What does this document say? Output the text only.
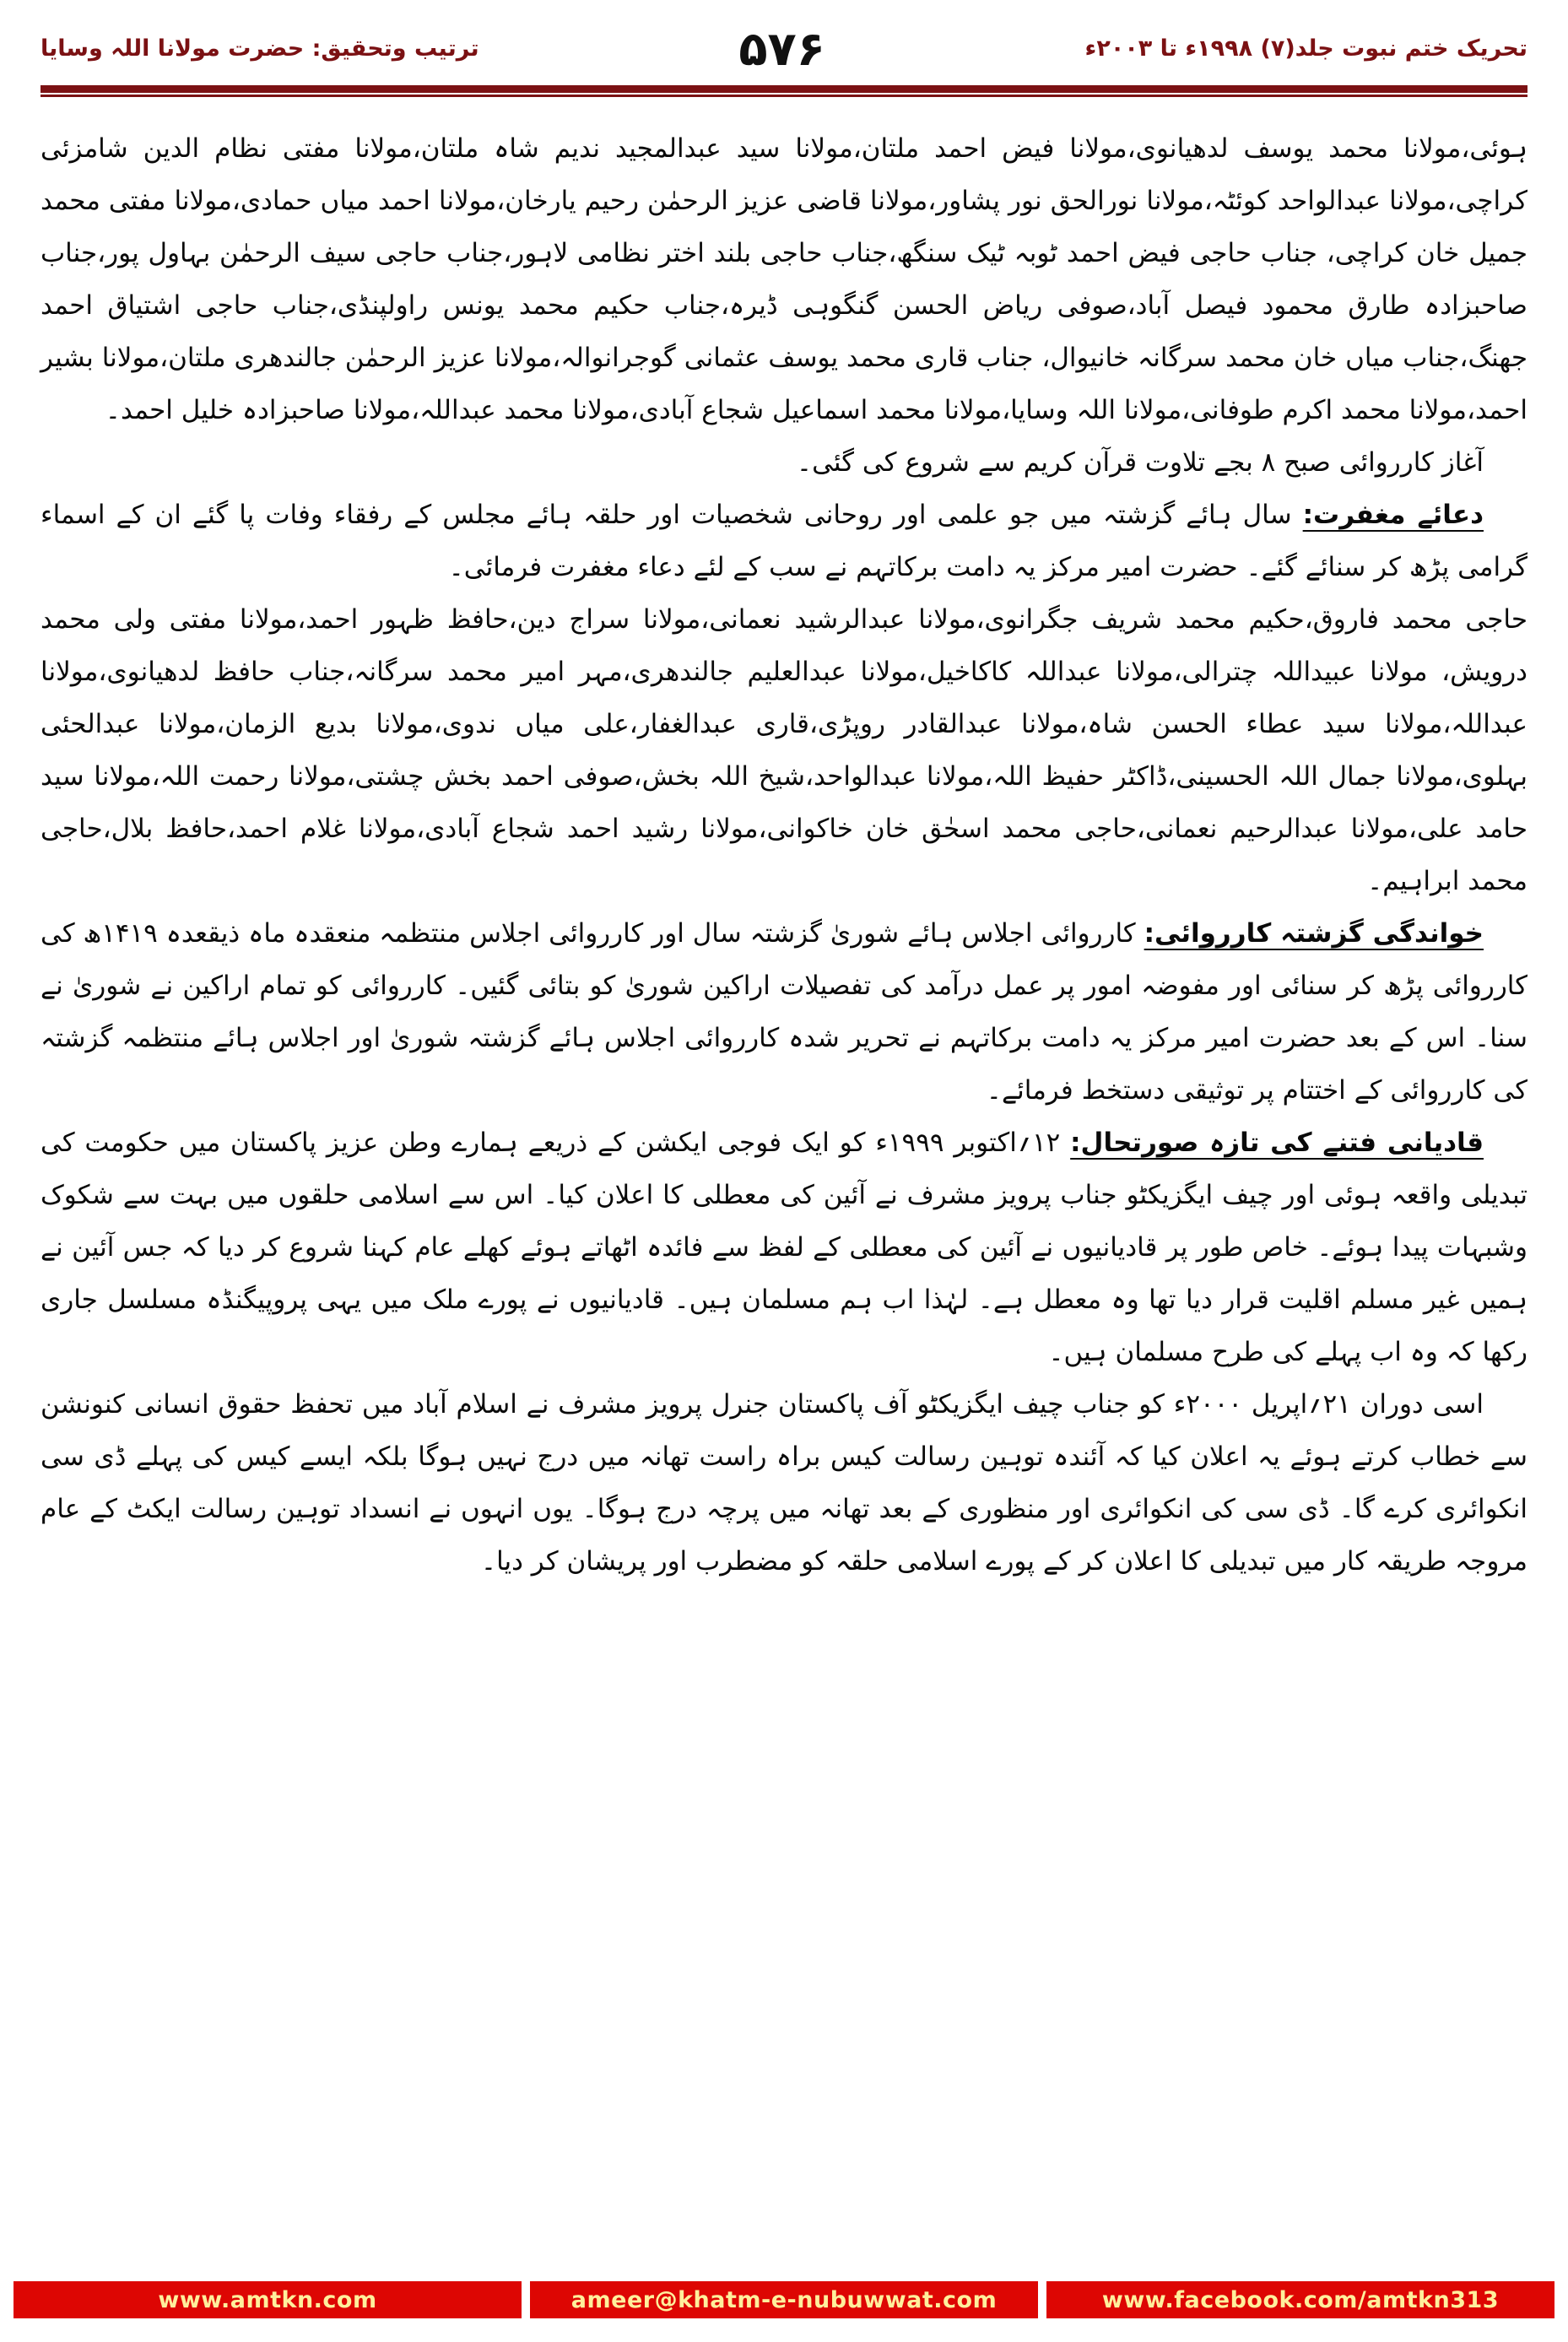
تحریک ختم نبوت جلد(۷) ۱۹۹۸ء تا ۲۰۰۳ء
۵۷۶
ترتیب وتحقیق: حضرت مولانا اللہ وسایا

ہوئی،مولانا محمد یوسف لدھیانوی،مولانا فیض احمد ملتان،مولانا سید عبدالمجید ندیم شاہ ملتان،مولانا مفتی نظام الدین شامزئی کراچی،مولانا عبدالواحد کوئٹہ،مولانا نورالحق نور پشاور،مولانا قاضی عزیز الرحمٰن رحیم یارخان،مولانا احمد میاں حمادی،مولانا مفتی محمد جمیل خان کراچی، جناب حاجی فیض احمد ٹوبہ ٹیک سنگھ،جناب حاجی بلند اختر نظامی لاہور،جناب حاجی سیف الرحمٰن بہاول پور،جناب صاحبزادہ طارق محمود فیصل آباد،صوفی ریاض الحسن گنگوہی ڈیرہ،جناب حکیم محمد یونس راولپنڈی،جناب حاجی اشتیاق احمد جھنگ،جناب میاں خان محمد سرگانہ خانیوال، جناب قاری محمد یوسف عثمانی گوجرانوالہ،مولانا عزیز الرحمٰن جالندھری ملتان،مولانا بشیر احمد،مولانا محمد اکرم طوفانی،مولانا اللہ وسایا،مولانا محمد اسماعیل شجاع آبادی،مولانا محمد عبداللہ،مولانا صاحبزادہ خلیل احمد۔

آغاز کارروائی صبح ۸ بجے تلاوت قرآن کریم سے شروع کی گئی۔

دعائے مغفرت: سال ہائے گزشتہ میں جو علمی اور روحانی شخصیات اور حلقہ ہائے مجلس کے رفقاء وفات پا گئے ان کے اسماء گرامی پڑھ کر سنائے گئے۔ حضرت امیر مرکز یہ دامت برکاتہم نے سب کے لئے دعاء مغفرت فرمائی۔

حاجی محمد فاروق،حکیم محمد شریف جگرانوی،مولانا عبدالرشید نعمانی،مولانا سراج دین،حافظ ظہور احمد،مولانا مفتی ولی محمد درویش، مولانا عبیداللہ چترالی،مولانا عبداللہ کاکاخیل،مولانا عبدالعلیم جالندھری،مہر امیر محمد سرگانہ،جناب حافظ لدھیانوی،مولانا عبداللہ،مولانا سید عطاء الحسن شاہ،مولانا عبدالقادر روپڑی،قاری عبدالغفار،علی میاں ندوی،مولانا بدیع الزمان،مولانا عبدالحئی بہلوی،مولانا جمال اللہ الحسینی،ڈاکٹر حفیظ اللہ،مولانا عبدالواحد،شیخ اللہ بخش،صوفی احمد بخش چشتی،مولانا رحمت اللہ،مولانا سید حامد علی،مولانا عبدالرحیم نعمانی،حاجی محمد اسحٰق خان خاکوانی،مولانا رشید احمد شجاع آبادی،مولانا غلام احمد،حافظ بلال،حاجی محمد ابراہیم۔

خواندگی گزشتہ کارروائی: کارروائی اجلاس ہائے شوریٰ گزشتہ سال اور کارروائی اجلاس منتظمہ منعقدہ ماہ ذیقعدہ ۱۴۱۹ھ کی کارروائی پڑھ کر سنائی اور مفوضہ امور پر عمل درآمد کی تفصیلات اراکین شوریٰ کو بتائی گئیں۔ کارروائی کو تمام اراکین نے شوریٰ نے سنا۔ اس کے بعد حضرت امیر مرکز یہ دامت برکاتہم نے تحریر شدہ کارروائی اجلاس ہائے گزشتہ شوریٰ اور اجلاس ہائے منتظمہ گزشتہ کی کارروائی کے اختتام پر توثیقی دستخط فرمائے۔

قادیانی فتنے کی تازہ صورتحال: ۱۲؍اکتوبر ۱۹۹۹ء کو ایک فوجی ایکشن کے ذریعے ہمارے وطن عزیز پاکستان میں حکومت کی تبدیلی واقعہ ہوئی اور چیف ایگزیکٹو جناب پرویز مشرف نے آئین کی معطلی کا اعلان کیا۔ اس سے اسلامی حلقوں میں بہت سے شکوک وشبہات پیدا ہوئے۔ خاص طور پر قادیانیوں نے آئین کی معطلی کے لفظ سے فائدہ اٹھاتے ہوئے کھلے عام کہنا شروع کر دیا کہ جس آئین نے ہمیں غیر مسلم اقلیت قرار دیا تھا وہ معطل ہے۔ لہٰذا اب ہم مسلمان ہیں۔ قادیانیوں نے پورے ملک میں یہی پروپیگنڈہ مسلسل جاری رکھا کہ وہ اب پہلے کی طرح مسلمان ہیں۔

اسی دوران ۲۱؍اپریل ۲۰۰۰ء کو جناب چیف ایگزیکٹو آف پاکستان جنرل پرویز مشرف نے اسلام آباد میں تحفظ حقوق انسانی کنونشن سے خطاب کرتے ہوئے یہ اعلان کیا کہ آئندہ توہین رسالت کیس براہ راست تھانہ میں درج نہیں ہوگا بلکہ ایسے کیس کی پہلے ڈی سی انکوائری کرے گا۔ ڈی سی کی انکوائری اور منظوری کے بعد تھانہ میں پرچہ درج ہوگا۔ یوں انہوں نے انسداد توہین رسالت ایکٹ کے عام مروجہ طریقہ کار میں تبدیلی کا اعلان کر کے پورے اسلامی حلقہ کو مضطرب اور پریشان کر دیا۔

www.amtkn.com	ameer@khatm-e-nubuwwat.com	www.facebook.com/amtkn313
